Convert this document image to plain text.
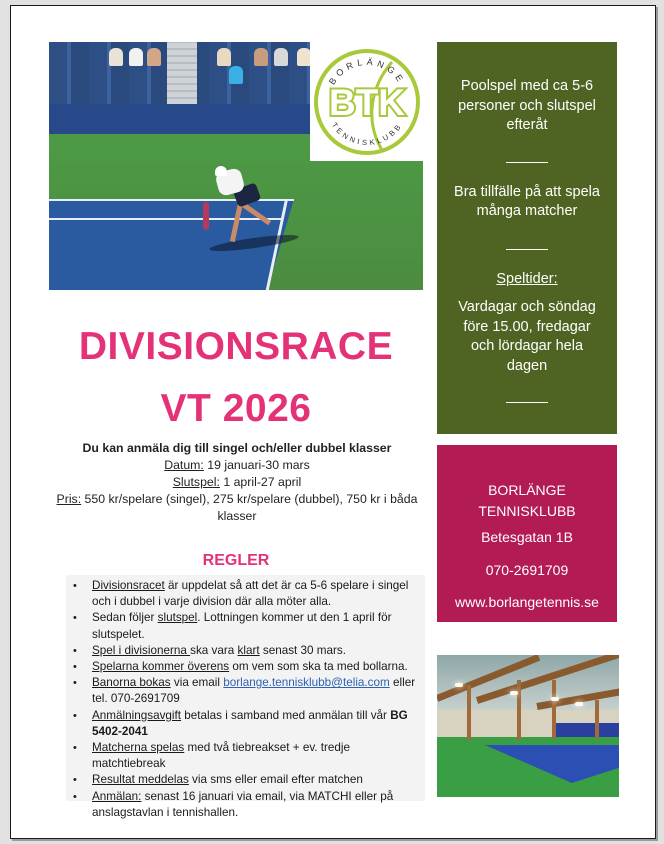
BORLÄNGE
TENNISKLUBB
BTK	Poolspel med ca 5-6 personer och slutspel efteråt

Bra tillfälle på att spela många matcher

Speltider:

Vardagar och söndag före 15.00, fredagar och lördagar hela dagen

BORLÄNGE
TENNISKLUBB
Betesgatan 1B
070-2691709
www.borlangetennis.se
DIVISIONSRACE
VT 2026
Du kan anmäla dig till singel och/eller dubbel klasser
Datum: 19 januari-30 mars
Slutspel: 1 april-27 april
Pris: 550 kr/spelare (singel), 275 kr/spelare (dubbel), 750 kr i båda
klasser
REGLER
• Divisionsracet är uppdelat så att det är ca 5-6 spelare i singel och i dubbel i varje division där alla möter alla.
• Sedan följer slutspel. Lottningen kommer ut den 1 april för slutspelet.
• Spel i divisionerna ska vara klart senast 30 mars.
• Spelarna kommer överens om vem som ska ta med bollarna.
• Banorna bokas via email borlange.tennisklubb@telia.com eller tel. 070-2691709
• Anmälningsavgift betalas i samband med anmälan till vår BG 5402-2041
• Matcherna spelas med två tiebreakset + ev. tredje matchtiebreak
• Resultat meddelas via sms eller email efter matchen
• Anmälan: senast 16 januari via email, via MATCHI eller på anslagstavlan i tennishallen.
